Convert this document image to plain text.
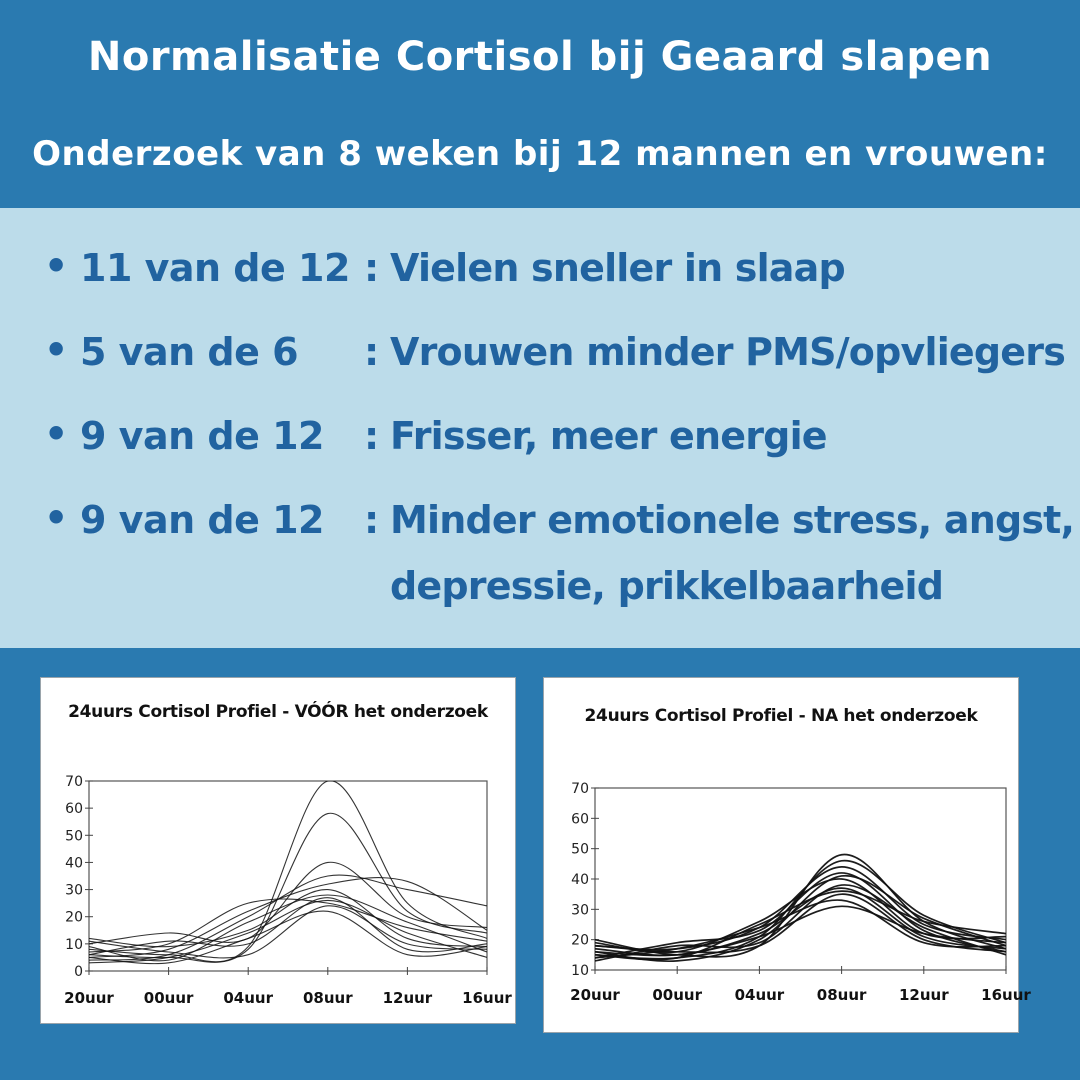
Normalisatie Cortisol bij Geaard slapen
Onderzoek van 8 weken bij 12 mannen en vrouwen:
• 11 van de 12 : Vielen sneller in slaap
• 5 van de 6 : Vrouwen minder PMS/opvliegers
• 9 van de 12 : Frisser, meer energie
• 9 van de 12 : Minder emotionele stress, angst,
depressie, prikkelbaarheid
24uurs Cortisol Profiel - VÓÓR het onderzoek
0
10
20
30
40
50
60
70
20uur 00uur 04uur 08uur 12uur 16uur
24uurs Cortisol Profiel - NA het onderzoek
10
20
30
40
50
60
70
20uur 00uur 04uur 08uur 12uur 16uur
